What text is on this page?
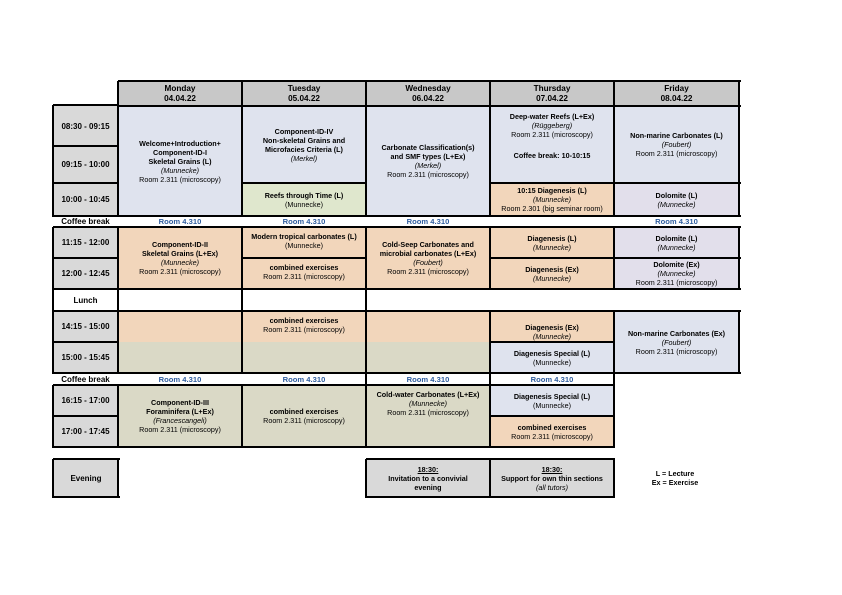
Monday
04.04.22
Tuesday
05.04.22
Wednesday
06.04.22
Thursday
07.04.22
Friday
08.04.22
08:30 - 09:15
09:15 - 10:00
10:00 - 10:45
Coffee break
11:15 - 12:00
12:00 - 12:45
Lunch
14:15 - 15:00
15:00 - 15:45
Coffee break
16:15 - 17:00
17:00 - 17:45
Evening
Welcome+Introduction+
Component-ID-I
Skeletal Grains (L)
(Munnecke)
Room 2.311 (microscopy)
Room 4.310
Component-ID-II
Skeletal Grains (L+Ex)
(Munnecke)
Room 2.311 (microscopy)
Room 4.310
Component-ID-III
Foraminifera (L+Ex)
(Francescangeli)
Room 2.311 (microscopy)
Component-ID-IV
Non-skeletal Grains and
Microfacies Criteria (L)
(Merkel)
Reefs through Time (L)
(Munnecke)
Room 4.310
Modern tropical carbonates (L)
(Munnecke)
combined exercises
Room 2.311 (microscopy)
combined exercises
Room 2.311 (microscopy)
Room 4.310
combined exercises
Room 2.311 (microscopy)
Carbonate Classification(s)
and SMF types (L+Ex)
(Merkel)
Room 2.311 (microscopy)
Room 4.310
Cold-Seep Carbonates and
microbial carbonates (L+Ex)
(Foubert)
Room 2.311 (microscopy)
Room 4.310
Cold-water Carbonates (L+Ex)
(Munnecke)
Room 2.311 (microscopy)
18:30:
Invitation to a convivial
evening
Deep-water Reefs (L+Ex)
(Rüggeberg)
Room 2.311 (microscopy)
Coffee break: 10-10:15
10:15 Diagenesis (L)
(Munnecke)
Room 2.301 (big seminar room)
Diagenesis (L)
(Munnecke)
Diagenesis (Ex)
(Munnecke)
Diagenesis (Ex)
(Munnecke)
Diagenesis Special (L)
(Munnecke)
Room 4.310
Diagenesis Special (L)
(Munnecke)
combined exercises
Room 2.311 (microscopy)
18:30:
Support for own thin sections
(all tutors)
Non-marine Carbonates (L)
(Foubert)
Room 2.311 (microscopy)
Dolomite (L)
(Munnecke)
Room 4.310
Dolomite (L)
(Munnecke)
Dolomite (Ex)
(Munnecke)
Room 2.311 (microscopy)
Non-marine Carbonates (Ex)
(Foubert)
Room 2.311 (microscopy)
L = Lecture
Ex = Exercise
